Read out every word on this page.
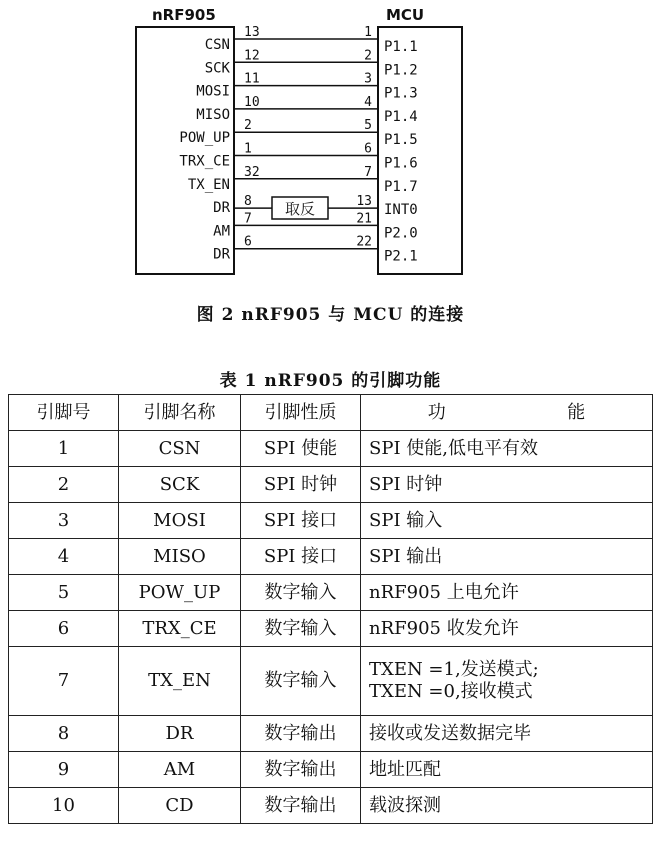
nRF905	MCU
CSN
13	1
P1.1
SCK
12	2
P1.2
MOSI
11	3
P1.3
MISO
10	4
P1.4
POW_UP
2	5
P1.5
TRX_CE
1	6
P1.6
TX_EN
32	7
P1.7
DR 8	13
INT0
AM
7	21
P2.0
DR
6	22
P2.1
取反
图 2 nRF905 与 MCU 的连接
表 1 nRF905 的引脚功能
引脚号	引脚名称	引脚性质	功 能

1	CSN	SPI 使能	SPI 使能,低电平有效

2	SCK	SPI 时钟	SPI 时钟

3	MOSI	SPI 接口	SPI 输入

4	MISO	SPI 接口	SPI 输出

5	POW_UP	数字输入	nRF905 上电允许

6	TRX_CE	数字输入	nRF905 收发允许

7	TX_EN	数字输入	TXEN =1,发送模式;
TXEN =0,接收模式

8	DR	数字输出	接收或发送数据完毕

9	AM	数字输出	地址匹配

10	CD	数字输出	载波探测
